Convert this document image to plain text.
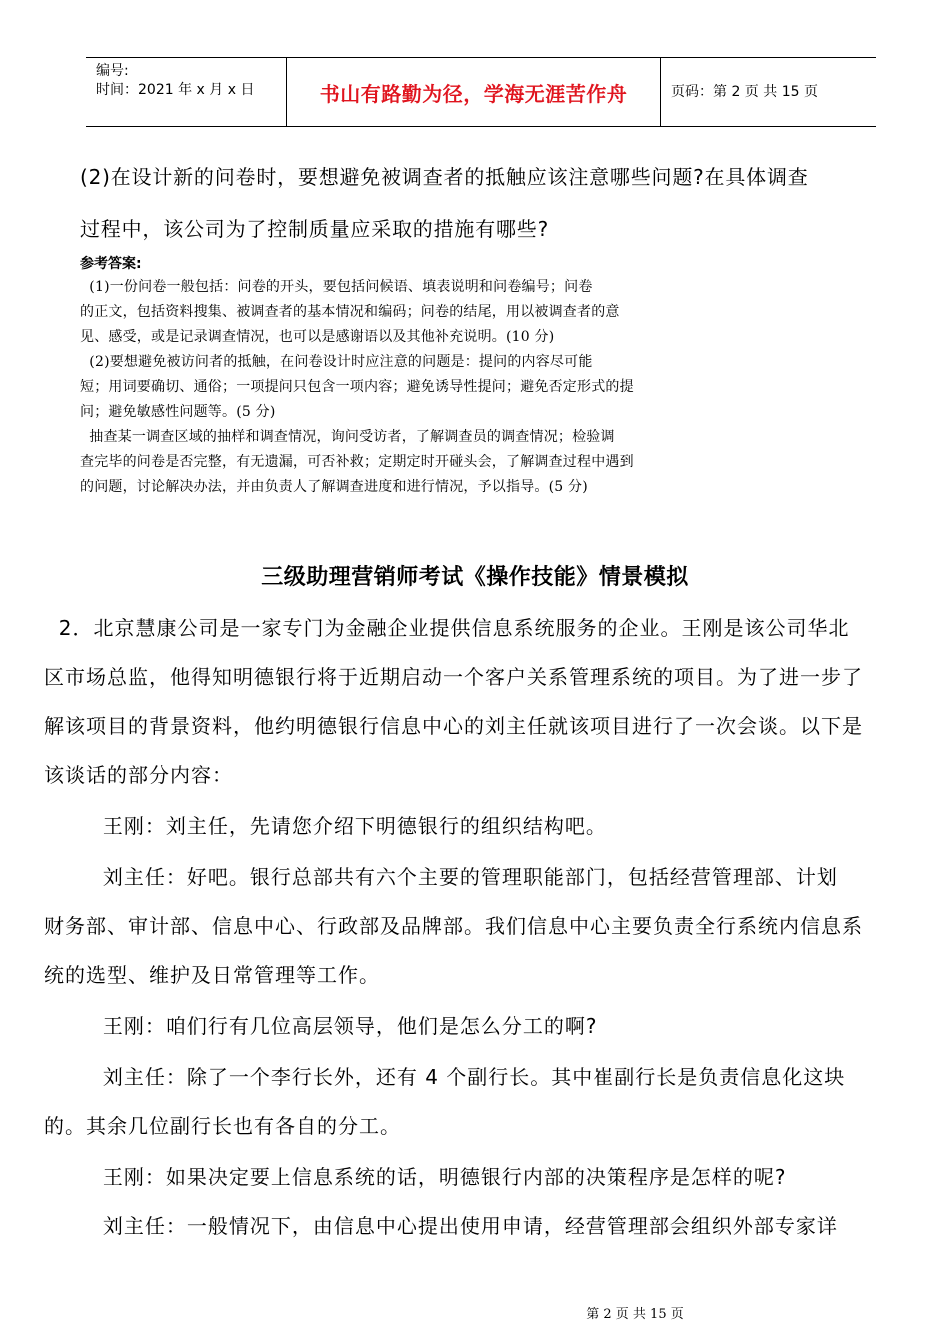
编号:
时间：2021 年 x 月 x 日	书山有路勤为径，学海无涯苦作舟	页码：第 2 页 共 15 页
(2)在设计新的问卷时，要想避免被调查者的抵触应该注意哪些问题?在具体调查
过程中，该公司为了控制质量应采取的措施有哪些?
参考答案:
(1)一份问卷一般包括：问卷的开头，要包括问候语、填表说明和问卷编号；问卷
的正文，包括资料搜集、被调查者的基本情况和编码；问卷的结尾，用以被调查者的意
见、感受，或是记录调查情况，也可以是感谢语以及其他补充说明。(10 分)
(2)要想避免被访问者的抵触，在问卷设计时应注意的问题是：提问的内容尽可能
短；用词要确切、通俗；一项提问只包含一项内容；避免诱导性提问；避免否定形式的提
问；避免敏感性问题等。(5 分)
抽查某一调查区域的抽样和调查情况，询问受访者，了解调查员的调查情况；检验调
查完毕的问卷是否完整，有无遗漏，可否补救；定期定时开碰头会，了解调查过程中遇到
的问题，讨论解决办法，并由负责人了解调查进度和进行情况，予以指导。(5 分)
三级助理营销师考试《操作技能》情景模拟
2．北京慧康公司是一家专门为金融企业提供信息系统服务的企业。王刚是该公司华北
区市场总监，他得知明德银行将于近期启动一个客户关系管理系统的项目。为了进一步了
解该项目的背景资料，他约明德银行信息中心的刘主任就该项目进行了一次会谈。以下是
该谈话的部分内容：
王刚：刘主任，先请您介绍下明德银行的组织结构吧。
刘主任：好吧。银行总部共有六个主要的管理职能部门，包括经营管理部、计划
财务部、审计部、信息中心、行政部及品牌部。我们信息中心主要负责全行系统内信息系
统的选型、维护及日常管理等工作。
王刚：咱们行有几位高层领导，他们是怎么分工的啊?
刘主任：除了一个李行长外，还有 4 个副行长。其中崔副行长是负责信息化这块
的。其余几位副行长也有各自的分工。
王刚：如果决定要上信息系统的话，明德银行内部的决策程序是怎样的呢?
刘主任：一般情况下，由信息中心提出使用申请，经营管理部会组织外部专家详
第 2 页 共 15 页
